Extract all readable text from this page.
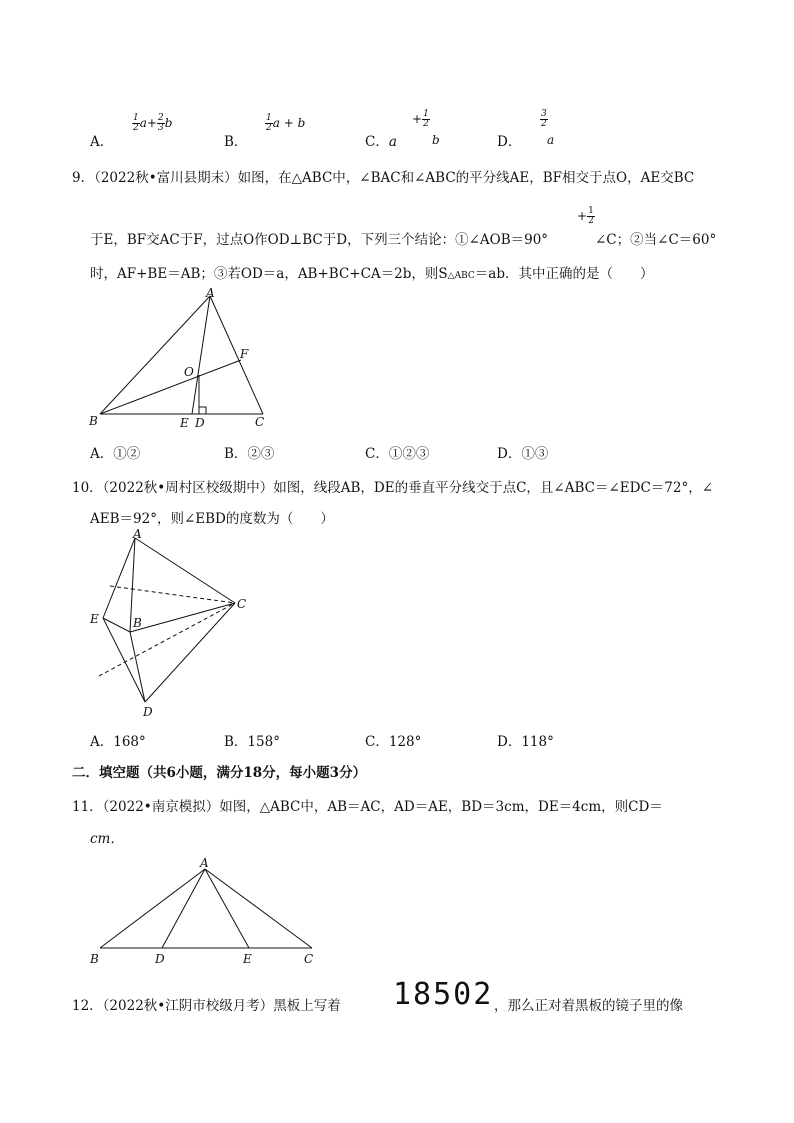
A．
$\frac{1}{2} a+ \frac{2}{3}$ b
B．
$\frac{1}{2}$ a + b
C．a
+ $\frac{1}{2}$
b	D．
$\frac{3}{2}$
a
9．（2022秋•富川县期末）如图，在△ABC中，∠BAC和∠ABC的平分线AE，BF相交于点O，AE交BC
于E，BF交AC于F，过点O作OD⊥BC于D，下列三个结论：①∠AOB＝90°
+ $\frac{1}{2}$
∠C；②当∠C＝60°
时，AF+BE＝AB；③若OD＝a，AB+BC+CA＝2b，则S△ABC＝ab．其中正确的是（　　）
A
B	C
E D
O
F
A．①②	B．②③	C．①②③	D．①③
10．（2022秋•周村区校级期中）如图，线段AB，DE的垂直平分线交于点C，且∠ABC＝∠EDC＝72°，∠
AEB＝92°，则∠EBD的度数为（　　）
A
E	B
C
D
A．168°	B．158°	C．128°	D．118°
二．填空题（共6小题，满分18分，每小题3分）
11．（2022•南京模拟）如图，△ABC中，AB＝AC，AD＝AE，BD＝3cm，DE＝4cm，则CD＝
cm．
A
B	D	E	C
12．（2022秋•江阴市校级月考）黑板上写着 18502 ，那么正对着黑板的镜子里的像
